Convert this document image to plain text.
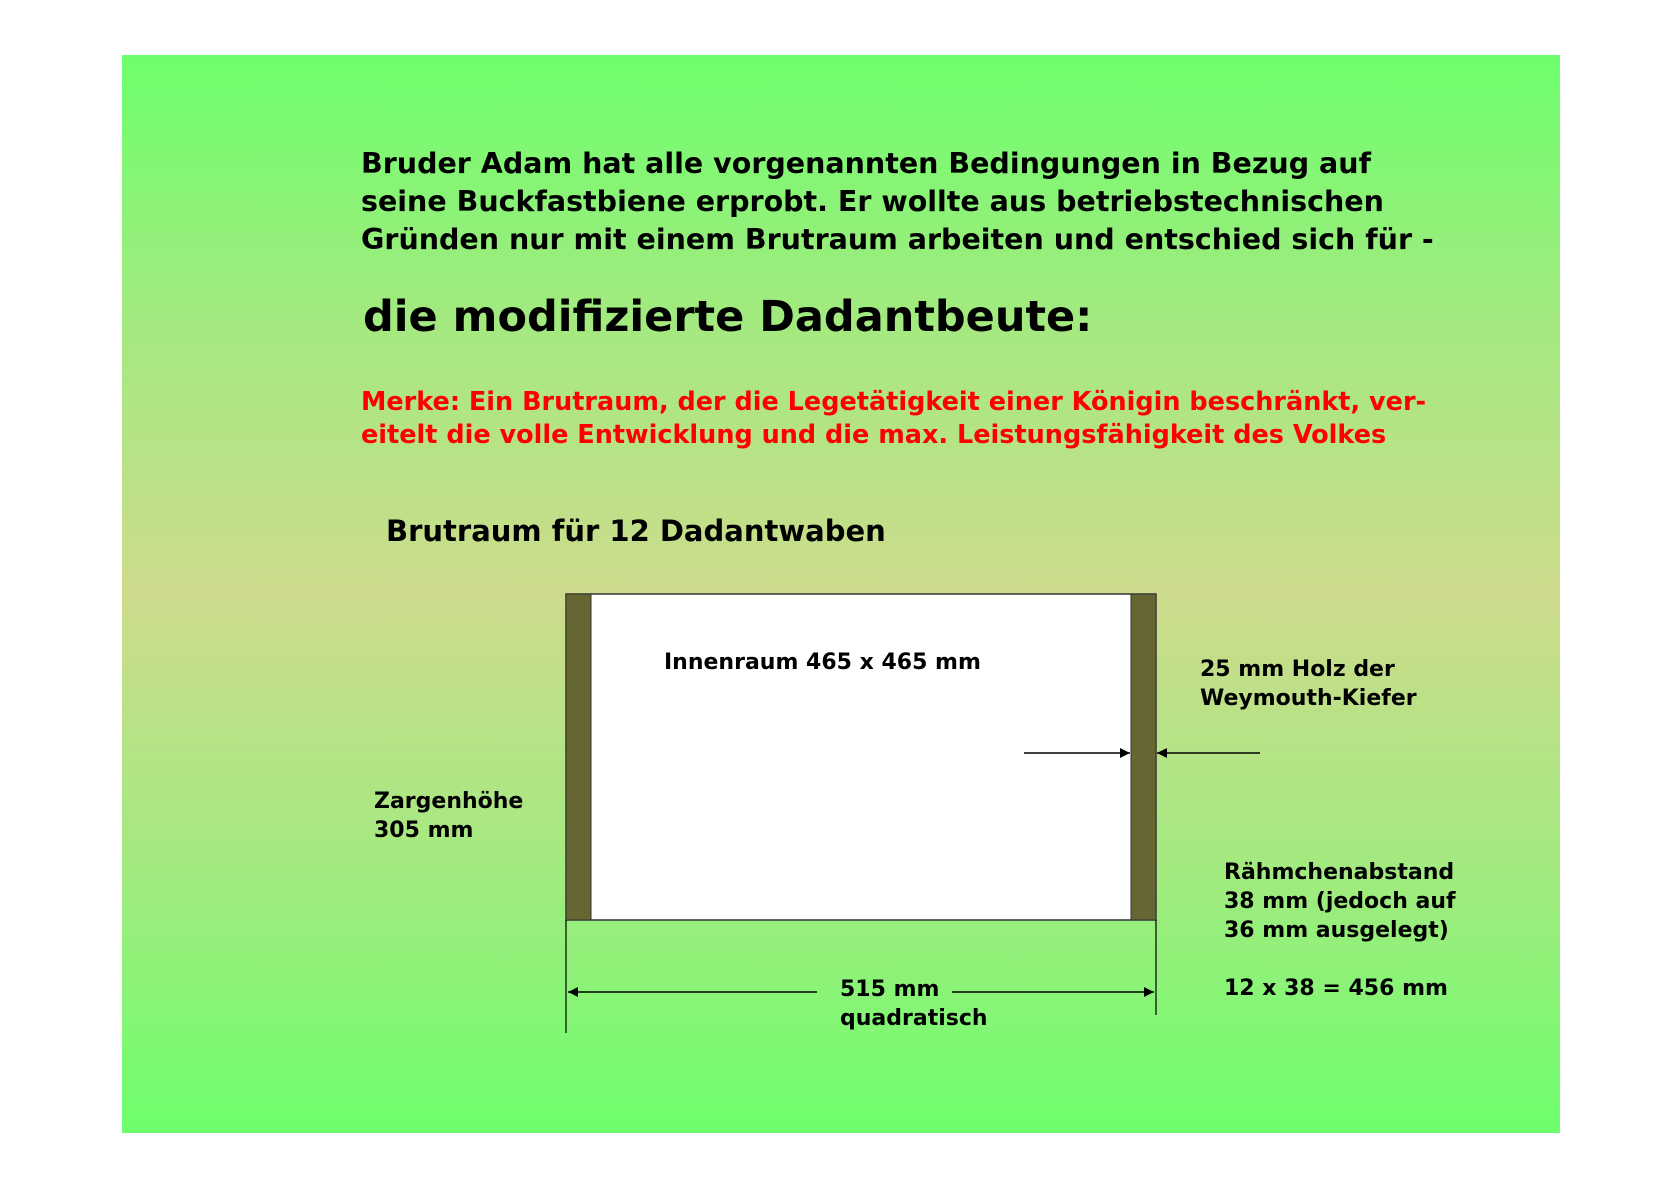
Bruder Adam hat alle vorgenannten Bedingungen in Bezug auf
seine Buckfastbiene erprobt. Er wollte aus betriebstechnischen
Gründen nur mit einem Brutraum arbeiten und entschied sich für -
die modifizierte Dadantbeute:
Merke: Ein Brutraum, der die Legetätigkeit einer Königin beschränkt, ver-
eitelt die volle Entwicklung und die max. Leistungsfähigkeit des Volkes
Brutraum für 12 Dadantwaben
Innenraum 465 x 465 mm	25 mm Holz der
Weymouth-Kiefer
Zargenhöhe
305 mm
Rähmchenabstand
38 mm (jedoch auf
36 mm ausgelegt)
12 x 38 = 456 mm
515 mm
quadratisch
